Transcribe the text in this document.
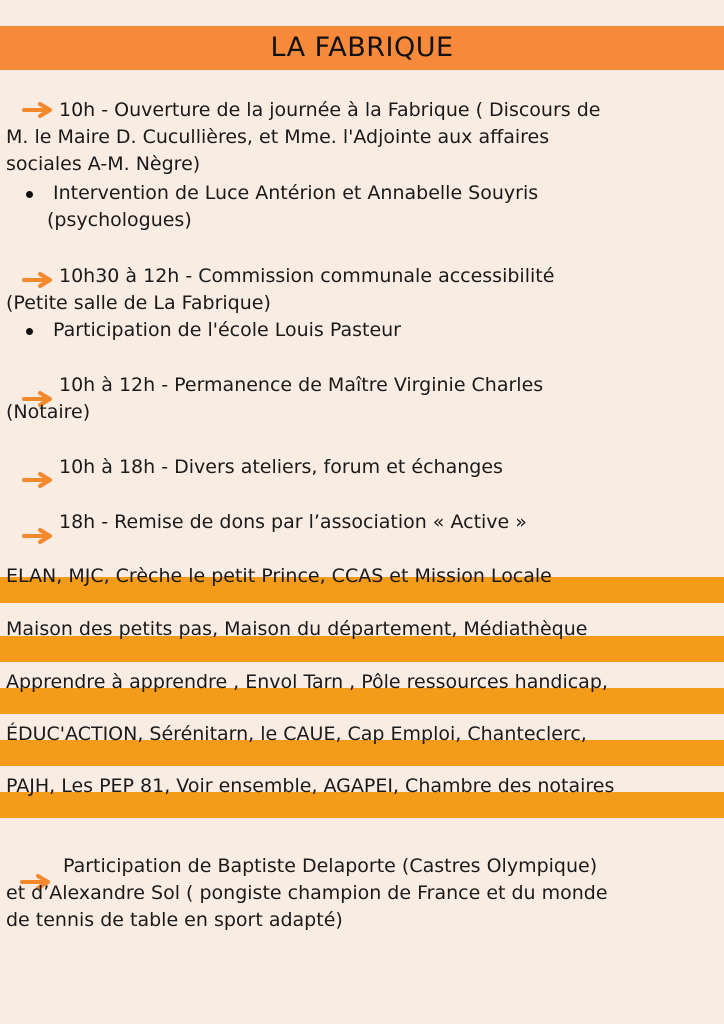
LA FABRIQUE
10h - Ouverture de la journée à la Fabrique ( Discours de
M. le Maire D. Cucullières, et Mme. l'Adjointe aux affaires
sociales A-M. Nègre)
Intervention de Luce Antérion et Annabelle Souyris
(psychologues)
10h30 à 12h - Commission communale accessibilité
(Petite salle de La Fabrique)
Participation de l'école Louis Pasteur
10h à 12h - Permanence de Maître Virginie Charles
(Notaire)
10h à 18h - Divers ateliers, forum et échanges
18h - Remise de dons par l’association « Active »
ELAN, MJC, Crèche le petit Prince, CCAS et Mission Locale
Maison des petits pas, Maison du département, Médiathèque
Apprendre à apprendre , Envol Tarn , Pôle ressources handicap,
ÉDUC'ACTION, Sérénitarn, le CAUE, Cap Emploi, Chanteclerc,
PAJH, Les PEP 81, Voir ensemble, AGAPEI, Chambre des notaires
Participation de Baptiste Delaporte (Castres Olympique)
et d’Alexandre Sol ( pongiste champion de France et du monde
de tennis de table en sport adapté)
